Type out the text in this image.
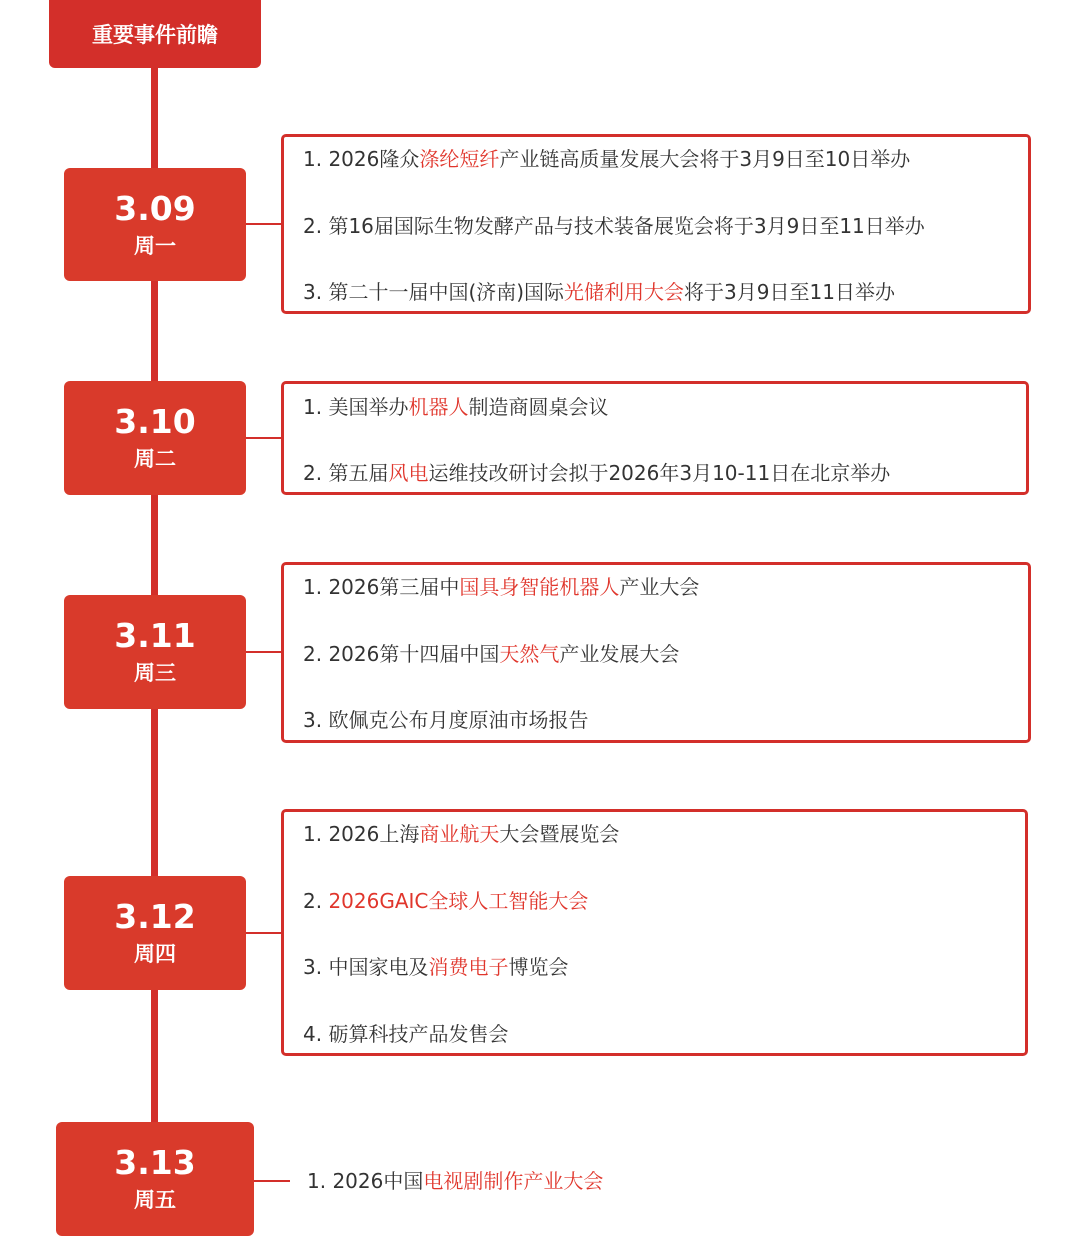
重要事件前瞻
3.09
周一
1. 2026隆众涤纶短纤产业链高质量发展大会将于3月9日至10日举办
2. 第16届国际生物发酵产品与技术装备展览会将于3月9日至11日举办
3. 第二十一届中国(济南)国际光储利用大会将于3月9日至11日举办
3.10
周二
1. 美国举办机器人制造商圆桌会议
2. 第五届风电运维技改研讨会拟于2026年3月10-11日在北京举办
3.11
周三
1. 2026第三届中国具身智能机器人产业大会
2. 2026第十四届中国天然气产业发展大会
3. 欧佩克公布月度原油市场报告
3.12
周四
1. 2026上海商业航天大会暨展览会
2. 2026GAIC全球人工智能大会
3. 中国家电及消费电子博览会
4. 砺算科技产品发售会
3.13
周五
1. 2026中国电视剧制作产业大会
